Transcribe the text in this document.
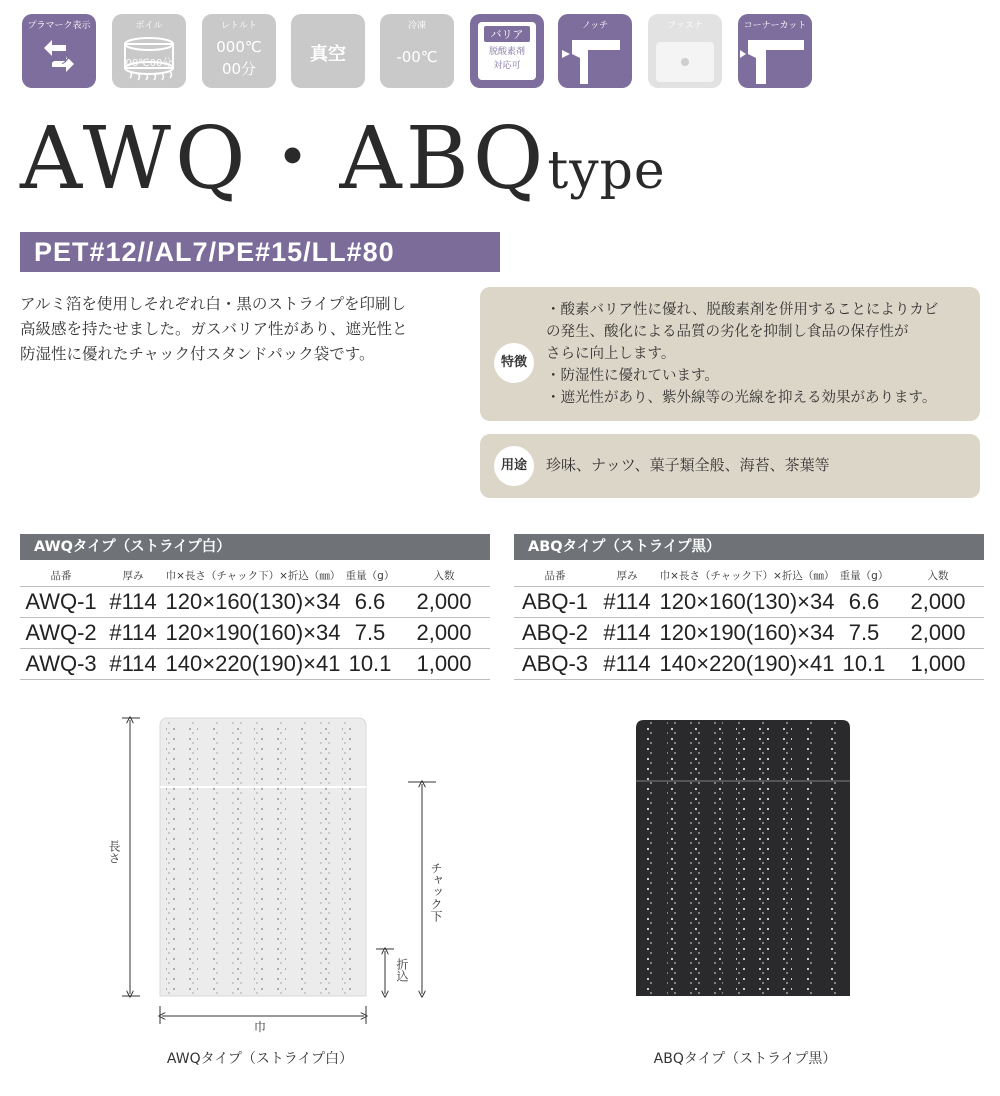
プラマーク表示
プラ
ボイル
00℃00分
レトルト
000℃
00分
真空
冷凍
-00℃
バリア
脱酸素剤
対応可
ノッチ	ファスナ	コーナーカット
AWQ・ABQtype
PET#12//AL7/PE#15/LL#80
アルミ箔を使用しそれぞれ白・黒のストライプを印刷し
高級感を持たせました。ガスバリア性があり、遮光性と
防湿性に優れたチャック付スタンドパック袋です。	特徴
・酸素バリア性に優れ、脱酸素剤を併用することによりカビ
の発生、酸化による品質の劣化を抑制し食品の保存性が
さらに向上します。
・防湿性に優れています。
・遮光性があり、紫外線等の光線を抑える効果があります。
用途	珍味、ナッツ、菓子類全般、海苔、茶葉等
AWQタイプ（ストライプ白）
品番	厚み	巾×長さ（チャック下）×折込（㎜）	重量（g）	入数
AWQ-1	#114	120×160(130)×34	6.6	2,000
AWQ-2	#114	120×190(160)×34	7.5	2,000
AWQ-3	#114	140×220(190)×41	10.1	1,000
ABQタイプ（ストライプ黒）
品番	厚み	巾×長さ（チャック下）×折込（㎜）	重量（g）	入数
ABQ-1	#114	120×160(130)×34	6.6	2,000
ABQ-2	#114	120×190(160)×34	7.5	2,000
ABQ-3	#114	140×220(190)×41	10.1	1,000
長さ
チャック下
折込
巾
AWQタイプ（ストライプ白）	ABQタイプ（ストライプ黒）
